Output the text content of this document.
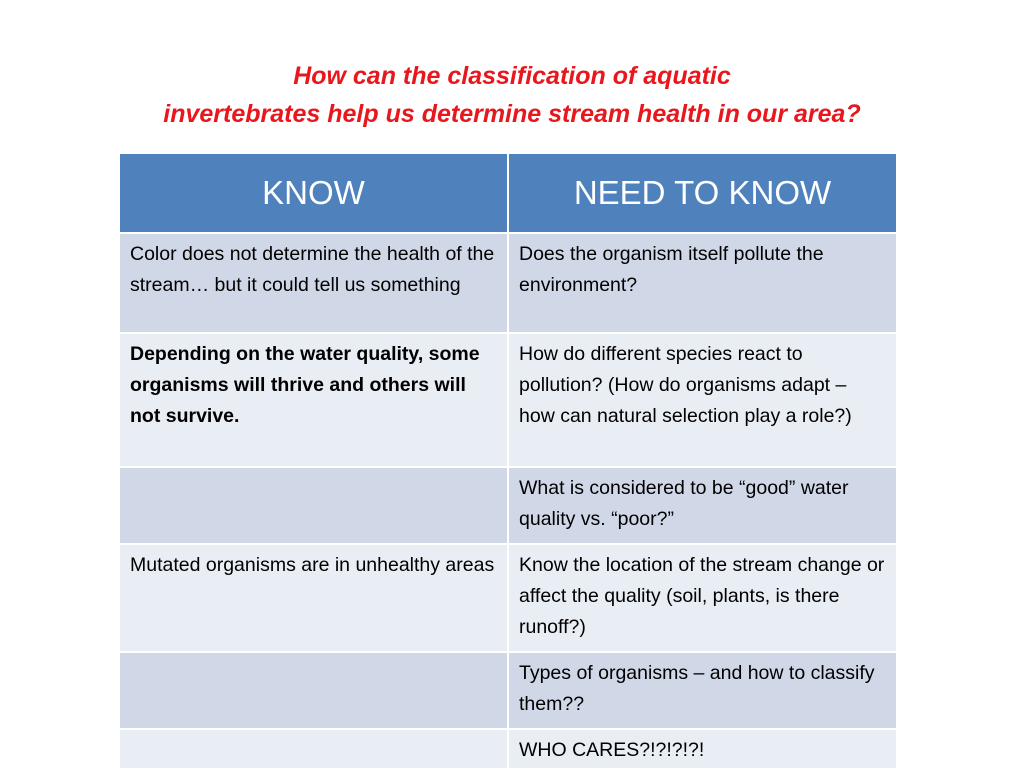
How can the classification of aquatic
invertebrates help us determine stream health in our area?
KNOW	NEED TO KNOW
Color does not determine the health of the stream… but it could tell us something	Does the organism itself pollute the environment?
Depending on the water quality, some organisms will thrive and others will not survive.	How do different species react to pollution? (How do organisms adapt – how can natural selection play a role?)
	What is considered to be “good” water quality vs. “poor?”
Mutated organisms are in unhealthy areas	Know the location of the stream change or affect the quality (soil, plants, is there runoff?)
	Types of organisms – and how to classify them??
	WHO CARES?!?!?!?!
